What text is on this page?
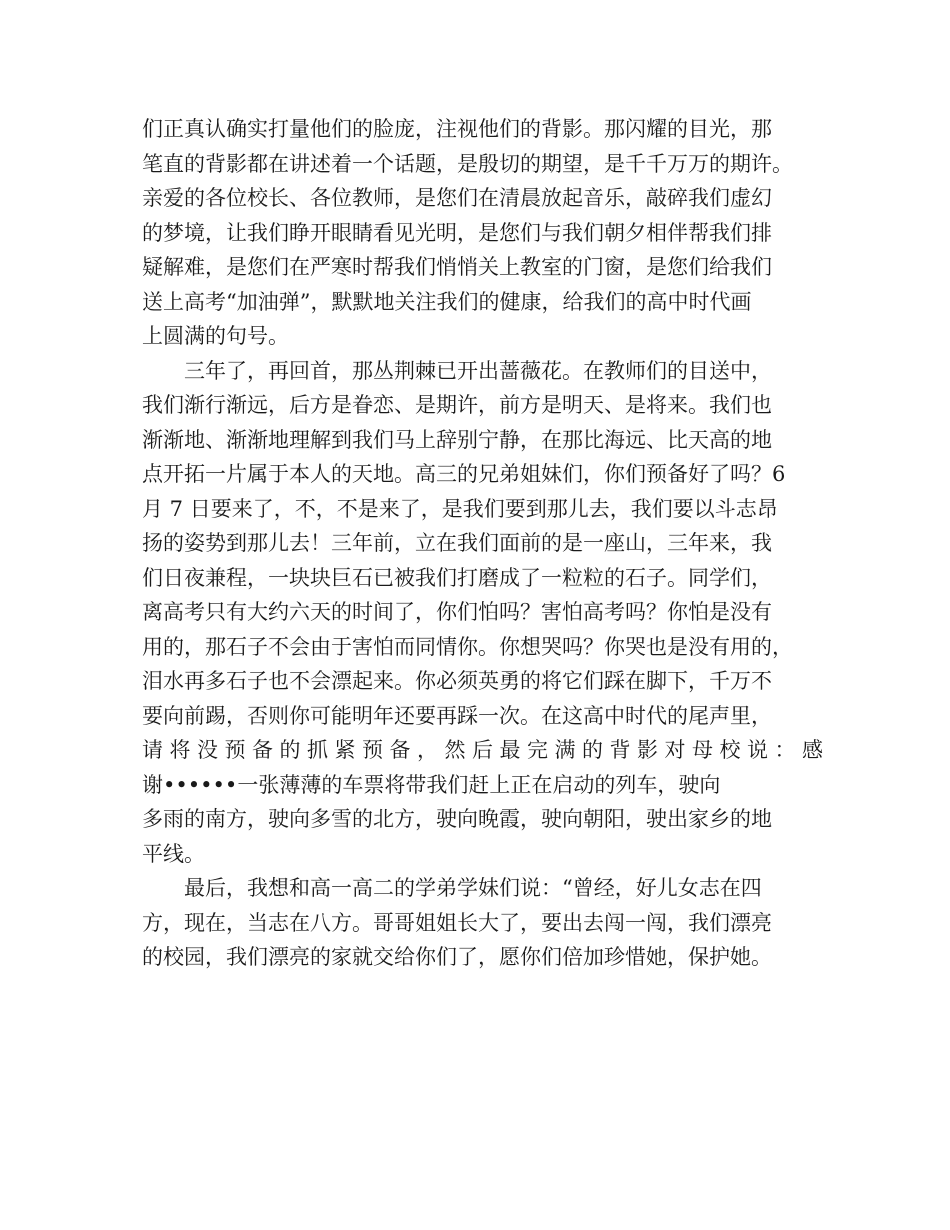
们正真认确实打量他们的脸庞，注视他们的背影。那闪耀的目光，那
笔直的背影都在讲述着一个话题，是殷切的期望，是千千万万的期许。
亲爱的各位校长、各位教师，是您们在清晨放起音乐，敲碎我们虚幻
的梦境，让我们睁开眼睛看见光明，是您们与我们朝夕相伴帮我们排
疑解难，是您们在严寒时帮我们悄悄关上教室的门窗，是您们给我们
送上高考“加油弹”，默默地关注我们的健康，给我们的高中时代画
上圆满的句号。
三年了，再回首，那丛荆棘已开出蔷薇花。在教师们的目送中，
我们渐行渐远，后方是眷恋、是期许，前方是明天、是将来。我们也
渐渐地、渐渐地理解到我们马上辞别宁静，在那比海远、比天高的地
点开拓一片属于本人的天地。高三的兄弟姐妹们，你们预备好了吗？6
月 7 日要来了，不，不是来了，是我们要到那儿去，我们要以斗志昂
扬的姿势到那儿去！三年前，立在我们面前的是一座山，三年来，我
们日夜兼程，一块块巨石已被我们打磨成了一粒粒的石子。同学们，
离高考只有大约六天的时间了，你们怕吗？害怕高考吗？你怕是没有
用的，那石子不会由于害怕而同情你。你想哭吗？你哭也是没有用的，
泪水再多石子也不会漂起来。你必须英勇的将它们踩在脚下，千万不
要向前踢，否则你可能明年还要再踩一次。在这高中时代的尾声里，
请 将 没 预 备 的 抓 紧 预 备 ， 然 后 最 完 满 的 背 影 对 母 校 说 ： 感
谢••••••一张薄薄的车票将带我们赶上正在启动的列车，驶向
多雨的南方，驶向多雪的北方，驶向晚霞，驶向朝阳，驶出家乡的地
平线。
最后，我想和高一高二的学弟学妹们说：“曾经，好儿女志在四
方，现在，当志在八方。哥哥姐姐长大了，要出去闯一闯，我们漂亮
的校园，我们漂亮的家就交给你们了，愿你们倍加珍惜她，保护她。
